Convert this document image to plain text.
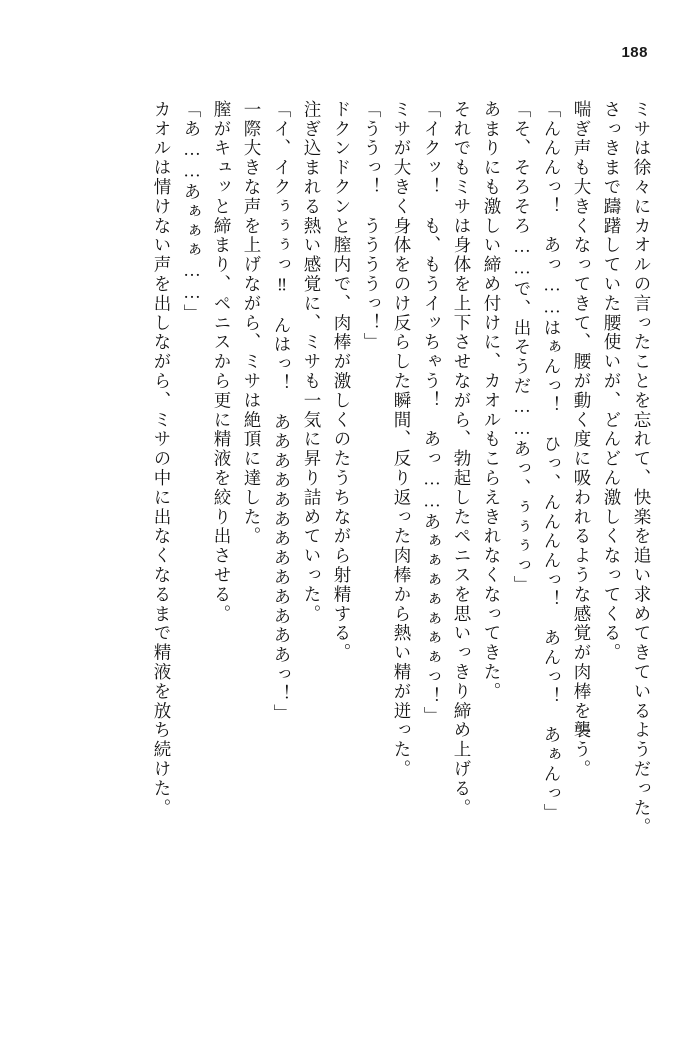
188
ミサは徐々にカオルの言ったことを忘れて、快楽を追い求めてきているようだった。
さっきまで躊躇していた腰使いが、どんどん激しくなってくる。
喘ぎ声も大きくなってきて、腰が動く度に吸われるような感覚が肉棒を襲う。
「んんんっ！　あっ……はぁんっ！　ひっ、んんんんっ！　あんっ！　あぁんっ」
「そ、そろそろ……で、出そうだ……あっ、ぅぅぅっ」
あまりにも激しい締め付けに、カオルもこらえきれなくなってきた。
それでもミサは身体を上下させながら、勃起したペニスを思いっきり締め上げる。
「イクッ！　も、もうイッちゃう！　あっ……あぁぁぁぁぁぁぁっ！」
ミサが大きく身体をのけ反らした瞬間、反り返った肉棒から熱い精が迸った。
「ううっ！　ううううっ！」
ドクンドクンと膣内で、肉棒が激しくのたうちながら射精する。
注ぎ込まれる熱い感覚に、ミサも一気に昇り詰めていった。
「イ、イクぅぅぅっ‼　んはっ！　あああああああああああああっ！」
一際大きな声を上げながら、ミサは絶頂に達した。
膣がキュッと締まり、ペニスから更に精液を絞り出させる。
「あ……あぁぁぁ……」
カオルは情けない声を出しながら、ミサの中に出なくなるまで精液を放ち続けた。
